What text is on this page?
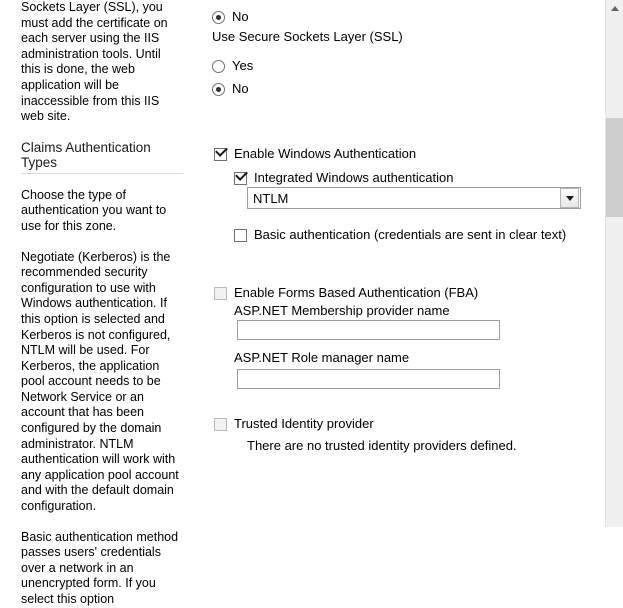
Sockets Layer (SSL), you must add the certificate on each server using the IIS administration tools. Until this is done, the web application will be inaccessible from this IIS web site.

Claims Authentication Types

Choose the type of authentication you want to use for this zone.

Negotiate (Kerberos) is the recommended security configuration to use with Windows authentication. If this option is selected and Kerberos is not configured, NTLM will be used. For Kerberos, the application pool account needs to be Network Service or an account that has been configured by the domain administrator. NTLM authentication will work with any application pool account and with the default domain configuration.

Basic authentication method passes users' credentials over a network in an unencrypted form. If you select this option

No
Use Secure Sockets Layer (SSL)
Yes
No
Enable Windows Authentication
Integrated Windows authentication
NTLM
Basic authentication (credentials are sent in clear text)
Enable Forms Based Authentication (FBA)
ASP.NET Membership provider name
ASP.NET Role manager name
Trusted Identity provider
There are no trusted identity providers defined.
